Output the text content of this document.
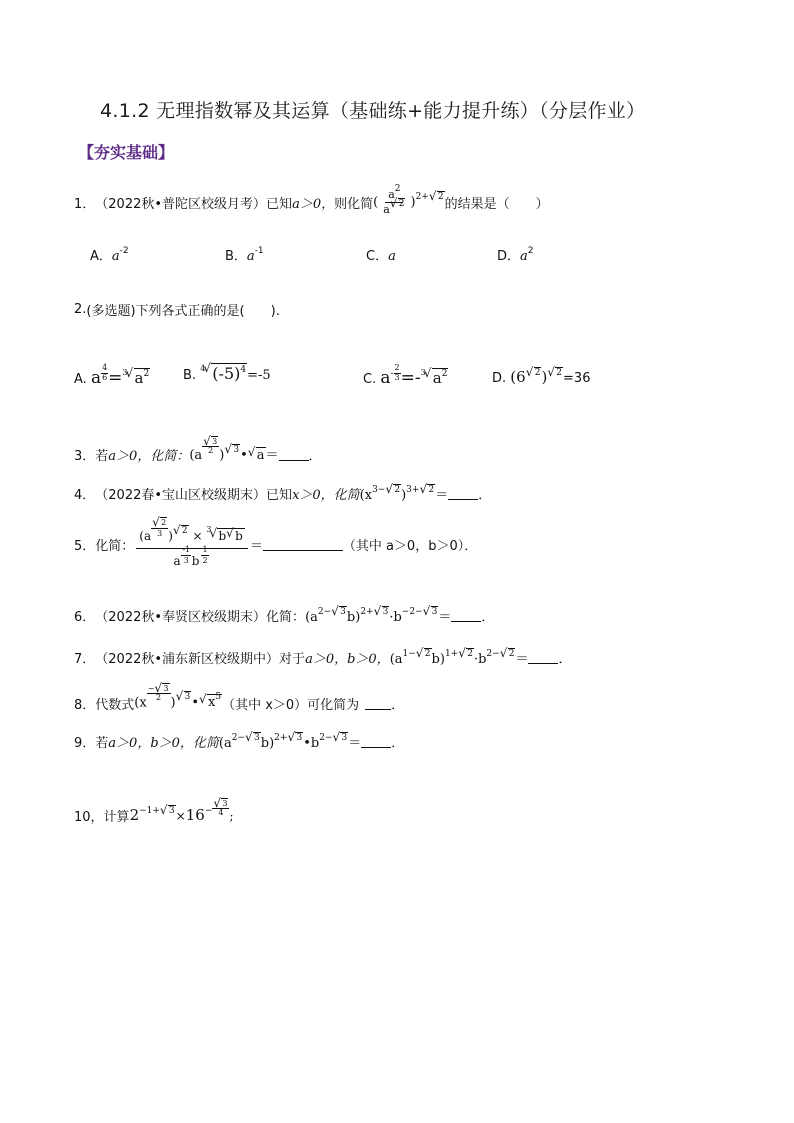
4.1.2 无理指数幂及其运算（基础练+能力提升练）（分层作业）
【夯实基础】
1． （2022秋•普陀区校级月考） 已知 a＞0， 则化简 ( $\frac{a^2}{a√ ^2} )^{2+√ 2}$ 的结果是（　　）
A．$a^{-2}$	B．$a^{-1}$	C．a	D．$a^2$
2. (多选题)下列各式正确的是(　　).
A. a $\frac{4}{6} =^3√$ $a^2$	B. $^4$√ $(-5)^4=-5$	C. $a^- \frac{2}{3} =-^3√$ $a^2$	D. (6√ $^2$)√ $^2$=36
3． 若 a＞0，化简： (a
√ $\frac{3}{2}$
)√ $^3$•√ a＝ ．
4． （2022春•宝山区校级期末） 已知 x＞0，化简 $(x^{3-√ 2})^{3+√ 2}=$ ．
5． 化简： (a
√ $\frac{2}{3}$ )√ $^2$ × $^3$√ b√ b
a $\frac{-1}{3}$ b $\frac{1}{2}$ ＝	（其中 a＞0，b＞0）．
6． （2022秋•奉贤区校级期末） 化简： $(a^{2-√ 3}b)^{2+√ 3}\cdot b^{-2-√ 3}=$ ．
7． （2022秋•浦东新区校级期中） 对于 a＞0，b＞0， $(a^{1-√ 2}b)^{1+√ 2}\cdot b^{2-√ 2}=$ ．
8． 代数式 (x
$\frac{-√ 3}{2}$
)√ $^3$•√ $x^5$
（其中 x＞0）可化简为 ．
9． 若 a＞0，b＞0，化简 $(a^{2-√ 3}b)^{2+√ 3}•b^{2-√ 3}=$ ．
10， 计算 $2^{-1+√ 3}\times 16^-$
√ $\frac{3}{4}$ ;
